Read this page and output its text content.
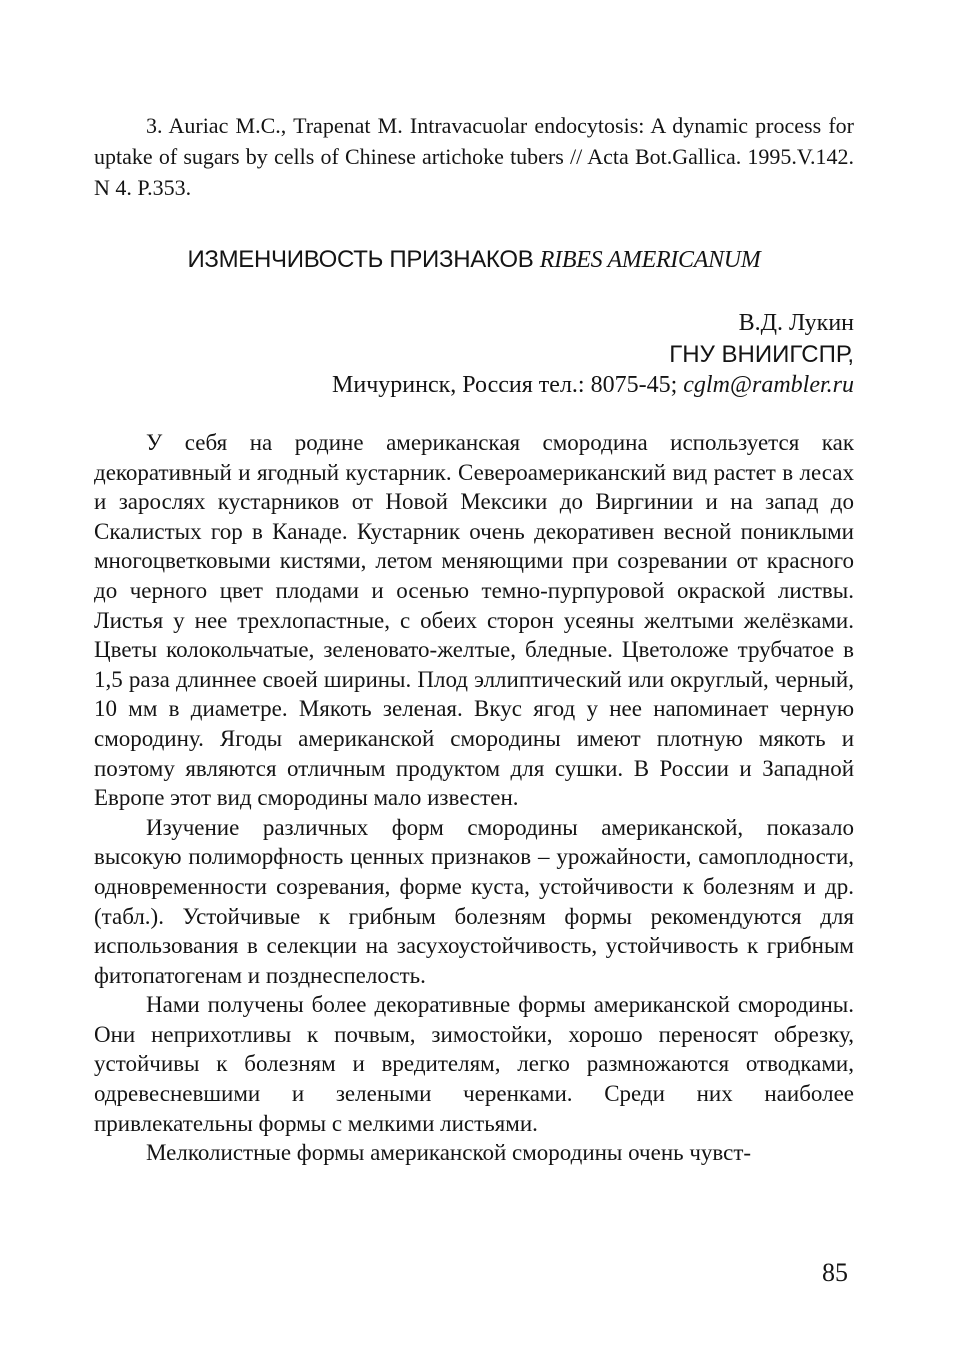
3. Auriac M.C., Trapenat M. Intravacuolar endocytosis: A dynamic process for uptake of sugars by cells of Chinese artichoke tubers // Acta Bot.Gallica. 1995.V.142. N 4. P.353.

ИЗМЕНЧИВОСТЬ ПРИЗНАКОВ RIBES AMERICANUM
В.Д. Лукин
ГНУ ВНИИГСПР,
Мичуринск, Россия тел.: 8075-45; cglm@rambler.ru

У себя на родине американская смородина используется как декоративный и ягодный кустарник. Североамериканский вид растет в лесах и зарослях кустарников от Новой Мексики до Виргинии и на запад до Скалистых гор в Канаде. Кустарник очень декоративен весной пониклыми многоцветковыми кистями, летом меняющими при созревании от красного до черного цвет плодами и осенью темно-пурпуровой окраской листвы. Листья у нее трехлопастные, с обеих сторон усеяны желтыми желёзками. Цветы колокольчатые, зеленовато-желтые, бледные. Цветоложе трубчатое в 1,5 раза длиннее своей ширины. Плод эллиптический или округлый, черный, 10 мм в диаметре. Мякоть зеленая. Вкус ягод у нее напоминает черную смородину. Ягоды американской смородины имеют плотную мякоть и поэтому являются отличным продуктом для сушки. В России и Западной Европе этот вид смородины мало известен.

Изучение различных форм смородины американской, показало высокую полиморфность ценных признаков – урожайности, самоплодности, одновременности созревания, форме куста, устойчивости к болезням и др. (табл.). Устойчивые к грибным болезням формы рекомендуются для использования в селекции на засухоустойчивость, устойчивость к грибным фитопатогенам и позднеспелость.

Нами получены более декоративные формы американской смородины. Они неприхотливы к почвым, зимостойки, хорошо переносят обрезку, устойчивы к болезням и вредителям, легко размножаются отводками, одревесневшими и зелеными черенками. Среди них наиболее привлекательны формы с мелкими листьями.

Мелколистные формы американской смородины очень чувст-

85
